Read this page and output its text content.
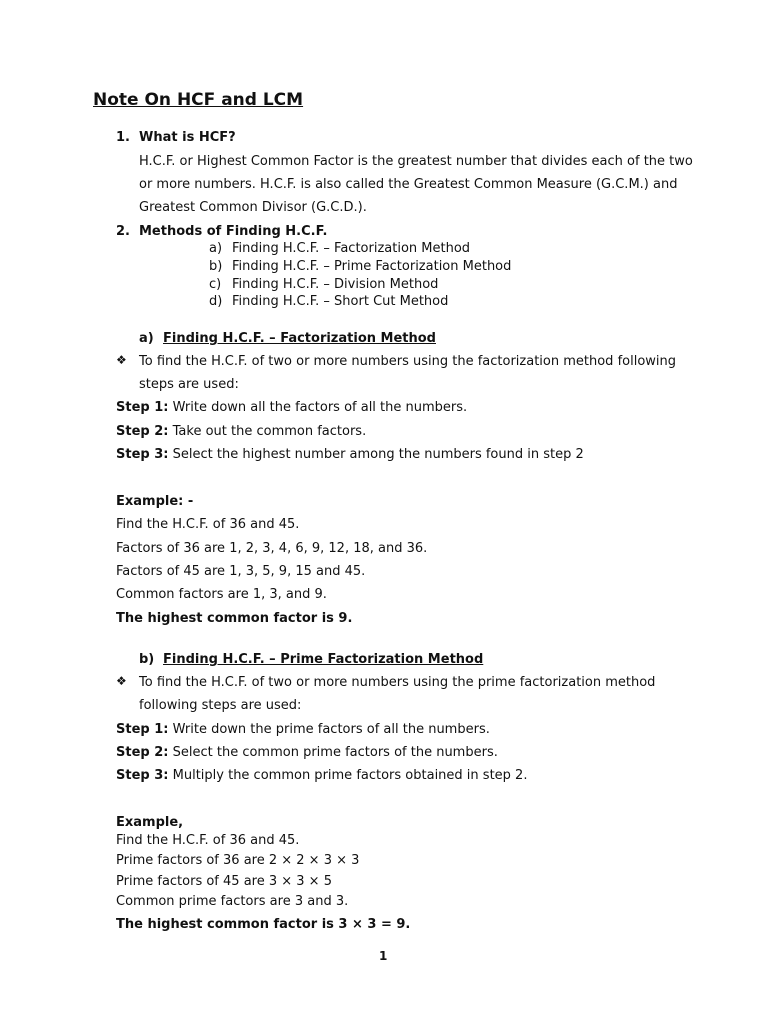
Note On HCF and LCM
1. What is HCF?
H.C.F. or Highest Common Factor is the greatest number that divides each of the two
or more numbers. H.C.F. is also called the Greatest Common Measure (G.C.M.) and
Greatest Common Divisor (G.C.D.).
2. Methods of Finding H.C.F.
a) Finding H.C.F. – Factorization Method
b) Finding H.C.F. – Prime Factorization Method
c) Finding H.C.F. – Division Method
d) Finding H.C.F. – Short Cut Method
a) Finding H.C.F. – Factorization Method
❖ To find the H.C.F. of two or more numbers using the factorization method following
steps are used:
Step 1: Write down all the factors of all the numbers.
Step 2: Take out the common factors.
Step 3: Select the highest number among the numbers found in step 2
Example: -
Find the H.C.F. of 36 and 45.
Factors of 36 are 1, 2, 3, 4, 6, 9, 12, 18, and 36.
Factors of 45 are 1, 3, 5, 9, 15 and 45.
Common factors are 1, 3, and 9.
The highest common factor is 9.
b) Finding H.C.F. – Prime Factorization Method
❖ To find the H.C.F. of two or more numbers using the prime factorization method
following steps are used:
Step 1: Write down the prime factors of all the numbers.
Step 2: Select the common prime factors of the numbers.
Step 3: Multiply the common prime factors obtained in step 2.
Example,
Find the H.C.F. of 36 and 45.
Prime factors of 36 are 2 × 2 × 3 × 3
Prime factors of 45 are 3 × 3 × 5
Common prime factors are 3 and 3.
The highest common factor is 3 × 3 = 9.
1
